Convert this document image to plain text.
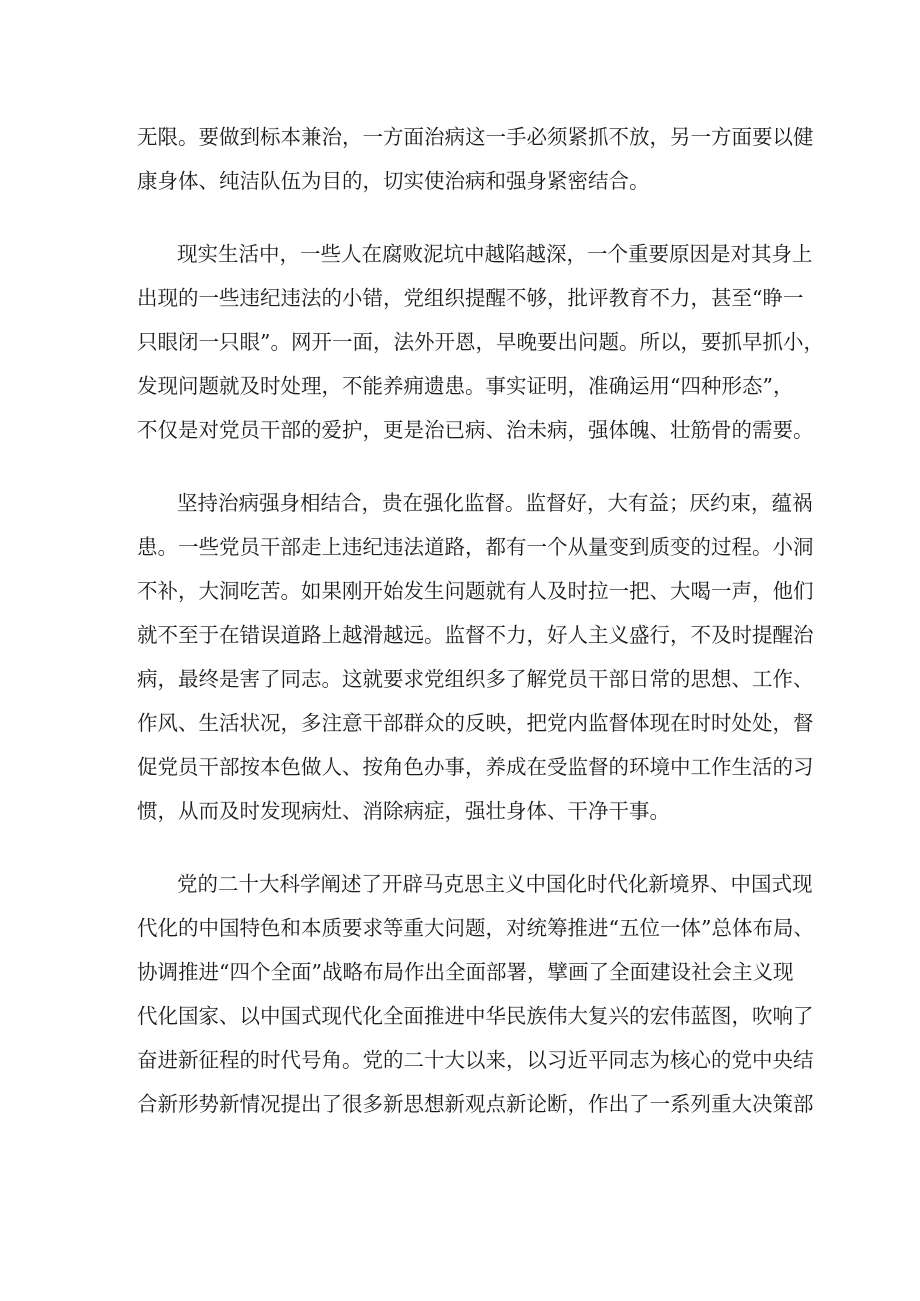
无限。要做到标本兼治，一方面治病这一手必须紧抓不放，另一方面要以健
康身体、纯洁队伍为目的，切实使治病和强身紧密结合。
现实生活中，一些人在腐败泥坑中越陷越深，一个重要原因是对其身上
出现的一些违纪违法的小错，党组织提醒不够，批评教育不力，甚至“睁一
只眼闭一只眼”。网开一面，法外开恩，早晚要出问题。所以，要抓早抓小，
发现问题就及时处理，不能养痈遗患。事实证明，准确运用“四种形态”，
不仅是对党员干部的爱护，更是治已病、治未病，强体魄、壮筋骨的需要。
坚持治病强身相结合，贵在强化监督。监督好，大有益；厌约束，蕴祸
患。一些党员干部走上违纪违法道路，都有一个从量变到质变的过程。小洞
不补，大洞吃苦。如果刚开始发生问题就有人及时拉一把、大喝一声，他们
就不至于在错误道路上越滑越远。监督不力，好人主义盛行，不及时提醒治
病，最终是害了同志。这就要求党组织多了解党员干部日常的思想、工作、
作风、生活状况，多注意干部群众的反映，把党内监督体现在时时处处，督
促党员干部按本色做人、按角色办事，养成在受监督的环境中工作生活的习
惯，从而及时发现病灶、消除病症，强壮身体、干净干事。
党的二十大科学阐述了开辟马克思主义中国化时代化新境界、中国式现
代化的中国特色和本质要求等重大问题，对统筹推进“五位一体”总体布局、
协调推进“四个全面”战略布局作出全面部署，擘画了全面建设社会主义现
代化国家、以中国式现代化全面推进中华民族伟大复兴的宏伟蓝图，吹响了
奋进新征程的时代号角。党的二十大以来，以习近平同志为核心的党中央结
合新形势新情况提出了很多新思想新观点新论断，作出了一系列重大决策部
